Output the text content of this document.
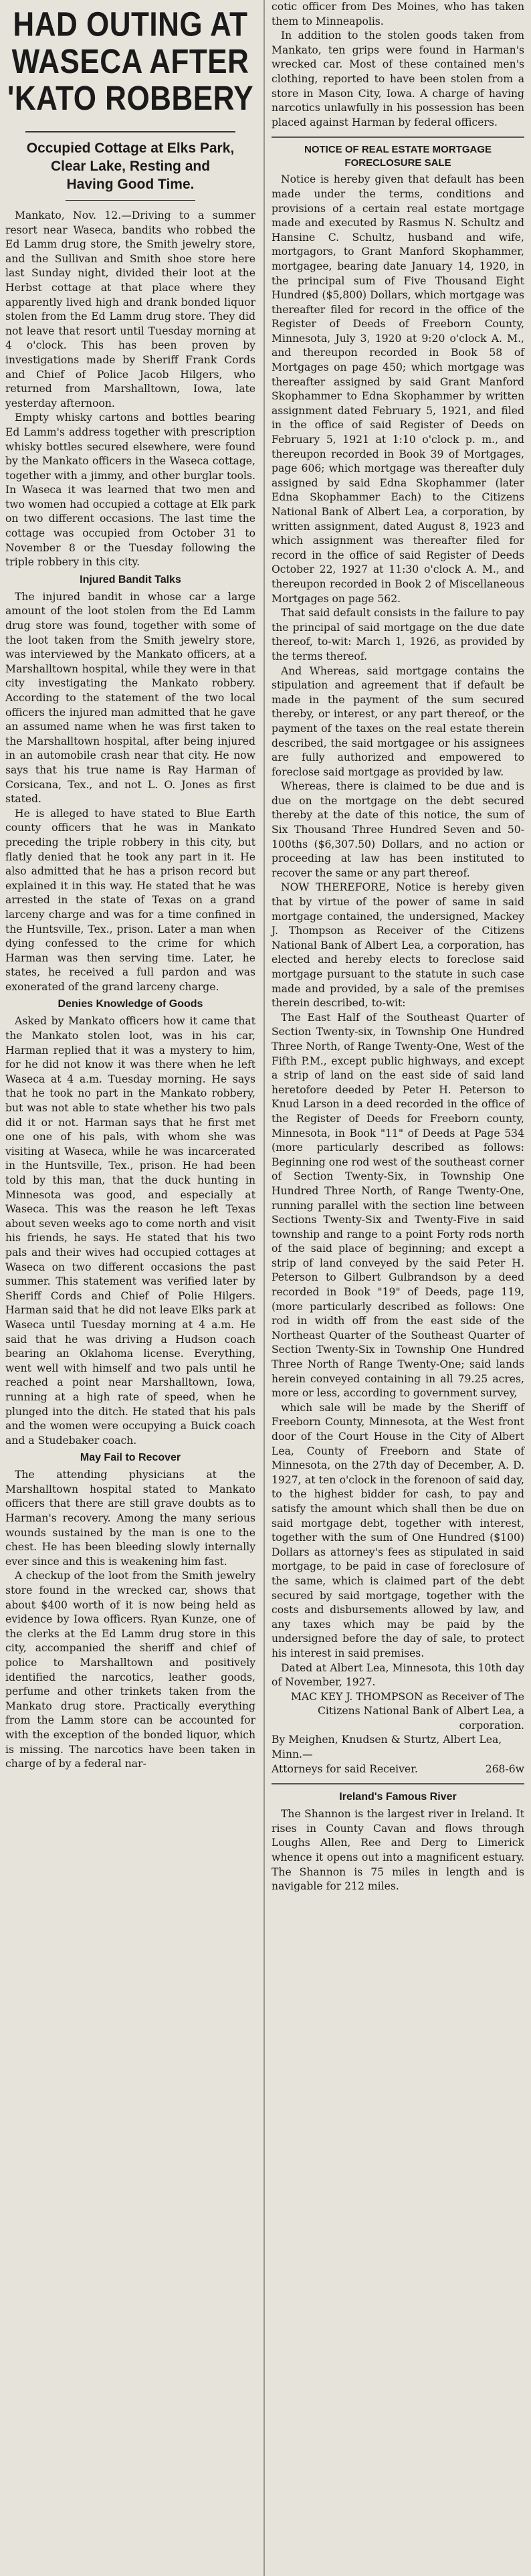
HAD OUTING AT
WASECA AFTER
'KATO ROBBERY
Occupied Cottage at Elks Park,
Clear Lake, Resting and
Having Good Time.

Mankato, Nov. 12.—Driving to a summer resort near Waseca, bandits who robbed the Ed Lamm drug store, the Smith jewelry store, and the Sullivan and Smith shoe store here last Sunday night, divided their loot at the Herbst cottage at that place where they apparently lived high and drank bonded liquor stolen from the Ed Lamm drug store. They did not leave that resort until Tuesday morning at 4 o'clock. This has been proven by investigations made by Sheriff Frank Cords and Chief of Police Jacob Hilgers, who returned from Marshalltown, Iowa, late yesterday afternoon.

Empty whisky cartons and bottles bearing Ed Lamm's address together with prescription whisky bottles secured elsewhere, were found by the Mankato officers in the Waseca cottage, together with a jimmy, and other burglar tools. In Waseca it was learned that two men and two women had occupied a cottage at Elk park on two different occasions. The last time the cottage was occupied from October 31 to November 8 or the Tuesday following the triple robbery in this city.

Injured Bandit Talks

The injured bandit in whose car a large amount of the loot stolen from the Ed Lamm drug store was found, together with some of the loot taken from the Smith jewelry store, was interviewed by the Mankato officers, at a Marshalltown hospital, while they were in that city investigating the Mankato robbery. According to the statement of the two local officers the injured man admitted that he gave an assumed name when he was first taken to the Marshalltown hospital, after being injured in an automobile crash near that city. He now says that his true name is Ray Harman of Corsicana, Tex., and not L. O. Jones as first stated.

He is alleged to have stated to Blue Earth county officers that he was in Mankato preceding the triple robbery in this city, but flatly denied that he took any part in it. He also admitted that he has a prison record but explained it in this way. He stated that he was arrested in the state of Texas on a grand larceny charge and was for a time confined in the Huntsville, Tex., prison. Later a man when dying confessed to the crime for which Harman was then serving time. Later, he states, he received a full pardon and was exonerated of the grand larceny charge.

Denies Knowledge of Goods

Asked by Mankato officers how it came that the Mankato stolen loot, was in his car, Harman replied that it was a mystery to him, for he did not know it was there when he left Waseca at 4 a.m. Tuesday morning. He says that he took no part in the Mankato robbery, but was not able to state whether his two pals did it or not. Harman says that he first met one one of his pals, with whom she was visiting at Waseca, while he was incarcerated in the Huntsville, Tex., prison. He had been told by this man, that the duck hunting in Minnesota was good, and especially at Waseca. This was the reason he left Texas about seven weeks ago to come north and visit his friends, he says. He stated that his two pals and their wives had occupied cottages at Waseca on two different occasions the past summer. This statement was verified later by Sheriff Cords and Chief of Polie Hilgers. Harman said that he did not leave Elks park at Waseca until Tuesday morning at 4 a.m. He said that he was driving a Hudson coach bearing an Oklahoma license. Everything, went well with himself and two pals until he reached a point near Marshalltown, Iowa, running at a high rate of speed, when he plunged into the ditch. He stated that his pals and the women were occupying a Buick coach and a Studebaker coach.

May Fail to Recover

The attending physicians at the Marshalltown hospital stated to Mankato officers that there are still grave doubts as to Harman's recovery. Among the many serious wounds sustained by the man is one to the chest. He has been bleeding slowly internally ever since and this is weakening him fast.

A checkup of the loot from the Smith jewelry store found in the wrecked car, shows that about $400 worth of it is now being held as evidence by Iowa officers. Ryan Kunze, one of the clerks at the Ed Lamm drug store in this city, accompanied the sheriff and chief of police to Marshalltown and positively identified the narcotics, leather goods, perfume and other trinkets taken from the Mankato drug store. Practically everything from the Lamm store can be accounted for with the exception of the bonded liquor, which is missing. The narcotics have been taken in charge of by a federal nar-

cotic officer from Des Moines, who has taken them to Minneapolis.

In addition to the stolen goods taken from Mankato, ten grips were found in Harman's wrecked car. Most of these contained men's clothing, reported to have been stolen from a store in Mason City, Iowa. A charge of having narcotics unlawfully in his possession has been placed against Harman by federal officers.

NOTICE OF REAL ESTATE MORTGAGE FORECLOSURE SALE

Notice is hereby given that default has been made under the terms, conditions and provisions of a certain real estate mortgage made and executed by Rasmus N. Schultz and Hansine C. Schultz, husband and wife, mortgagors, to Grant Manford Skophammer, mortgagee, bearing date January 14, 1920, in the principal sum of Five Thousand Eight Hundred ($5,800) Dollars, which mortgage was thereafter filed for record in the office of the Register of Deeds of Freeborn County, Minnesota, July 3, 1920 at 9:20 o'clock A. M., and thereupon recorded in Book 58 of Mortgages on page 450; which mortgage was thereafter assigned by said Grant Manford Skophammer to Edna Skophammer by written assignment dated February 5, 1921, and filed in the office of said Register of Deeds on February 5, 1921 at 1:10 o'clock p. m., and thereupon recorded in Book 39 of Mortgages, page 606; which mortgage was thereafter duly assigned by said Edna Skophammer (later Edna Skophammer Each) to the Citizens National Bank of Albert Lea, a corporation, by written assignment, dated August 8, 1923 and which assignment was thereafter filed for record in the office of said Register of Deeds October 22, 1927 at 11:30 o'clock A. M., and thereupon recorded in Book 2 of Miscellaneous Mortgages on page 562.

That said default consists in the failure to pay the principal of said mortgage on the due date thereof, to-wit: March 1, 1926, as provided by the terms thereof.

And Whereas, said mortgage contains the stipulation and agreement that if default be made in the payment of the sum secured thereby, or interest, or any part thereof, or the payment of the taxes on the real estate therein described, the said mortgagee or his assignees are fully authorized and empowered to foreclose said mortgage as provided by law.

Whereas, there is claimed to be due and is due on the mortgage on the debt secured thereby at the date of this notice, the sum of Six Thousand Three Hundred Seven and 50-100ths ($6,307.50) Dollars, and no action or proceeding at law has been instituted to recover the same or any part thereof.

NOW THEREFORE, Notice is hereby given that by virtue of the power of same in said mortgage contained, the undersigned, Mackey J. Thompson as Receiver of the Citizens National Bank of Albert Lea, a corporation, has elected and hereby elects to foreclose said mortgage pursuant to the statute in such case made and provided, by a sale of the premises therein described, to-wit:

The East Half of the Southeast Quarter of Section Twenty-six, in Township One Hundred Three North, of Range Twenty-One, West of the Fifth P.M., except public highways, and except a strip of land on the east side of said land heretofore deeded by Peter H. Peterson to Knud Larson in a deed recorded in the office of the Register of Deeds for Freeborn county, Minnesota, in Book "11" of Deeds at Page 534 (more particularly described as follows: Beginning one rod west of the southeast corner of Section Twenty-Six, in Township One Hundred Three North, of Range Twenty-One, running parallel with the section line between Sections Twenty-Six and Twenty-Five in said township and range to a point Forty rods north of the said place of beginning; and except a strip of land conveyed by the said Peter H. Peterson to Gilbert Gulbrandson by a deed recorded in Book "19" of Deeds, page 119, (more particularly described as follows: One rod in width off from the east side of the Northeast Quarter of the Southeast Quarter of Section Twenty-Six in Township One Hundred Three North of Range Twenty-One; said lands herein conveyed containing in all 79.25 acres, more or less, according to government survey,

which sale will be made by the Sheriff of Freeborn County, Minnesota, at the West front door of the Court House in the City of Albert Lea, County of Freeborn and State of Minnesota, on the 27th day of December, A. D. 1927, at ten o'clock in the forenoon of said day, to the highest bidder for cash, to pay and satisfy the amount which shall then be due on said mortgage debt, together with interest, together with the sum of One Hundred ($100) Dollars as attorney's fees as stipulated in said mortgage, to be paid in case of foreclosure of the same, which is claimed part of the debt secured by said mortgage, together with the costs and disbursements allowed by law, and any taxes which may be paid by the undersigned before the day of sale, to protect his interest in said premises.

Dated at Albert Lea, Minnesota, this 10th day of November, 1927.

MAC KEY J. THOMPSON as Receiver of The Citizens National Bank of Albert Lea, a corporation.
By Meighen, Knudsen & Sturtz, Albert Lea, Minn.—
Attorneys for said Receiver.	268-6w
Ireland's Famous River

The Shannon is the largest river in Ireland. It rises in County Cavan and flows through Loughs Allen, Ree and Derg to Limerick whence it opens out into a magnificent estuary. The Shannon is 75 miles in length and is navigable for 212 miles.
